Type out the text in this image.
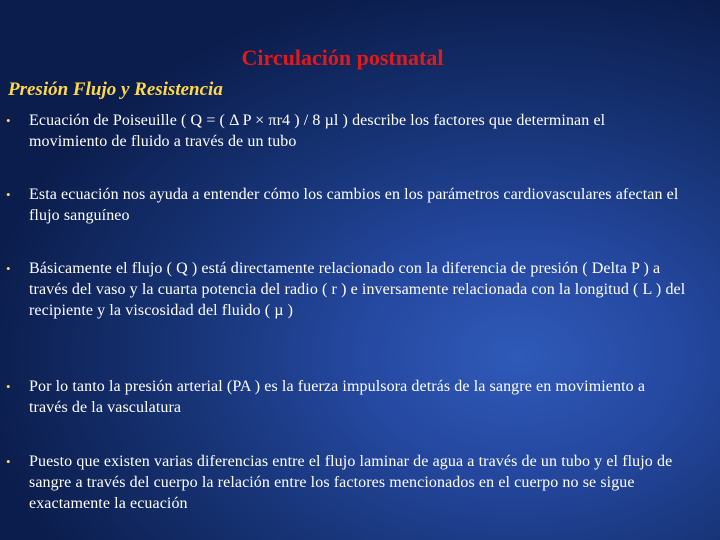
Circulación postnatal
Presión Flujo y Resistencia
•	Ecuación de Poiseuille ( Q = ( Δ P × πr4 ) / 8 µl ) describe los factores que determinan el movimiento de fluido a través de un tubo
•	Esta ecuación nos ayuda a entender cómo los cambios en los parámetros cardiovasculares afectan el flujo sanguíneo
•	Básicamente el flujo ( Q ) está directamente relacionado con la diferencia de presión ( Delta P ) a través del vaso y la cuarta potencia del radio ( r ) e inversamente relacionada con la longitud ( L ) del recipiente y la viscosidad del fluido ( µ )
•	Por lo tanto la presión arterial (PA ) es la fuerza impulsora detrás de la sangre en movimiento a través de la vasculatura
•	Puesto que existen varias diferencias entre el flujo laminar de agua a través de un tubo y el flujo de sangre a través del cuerpo la relación entre los factores mencionados en el cuerpo no se sigue exactamente la ecuación
